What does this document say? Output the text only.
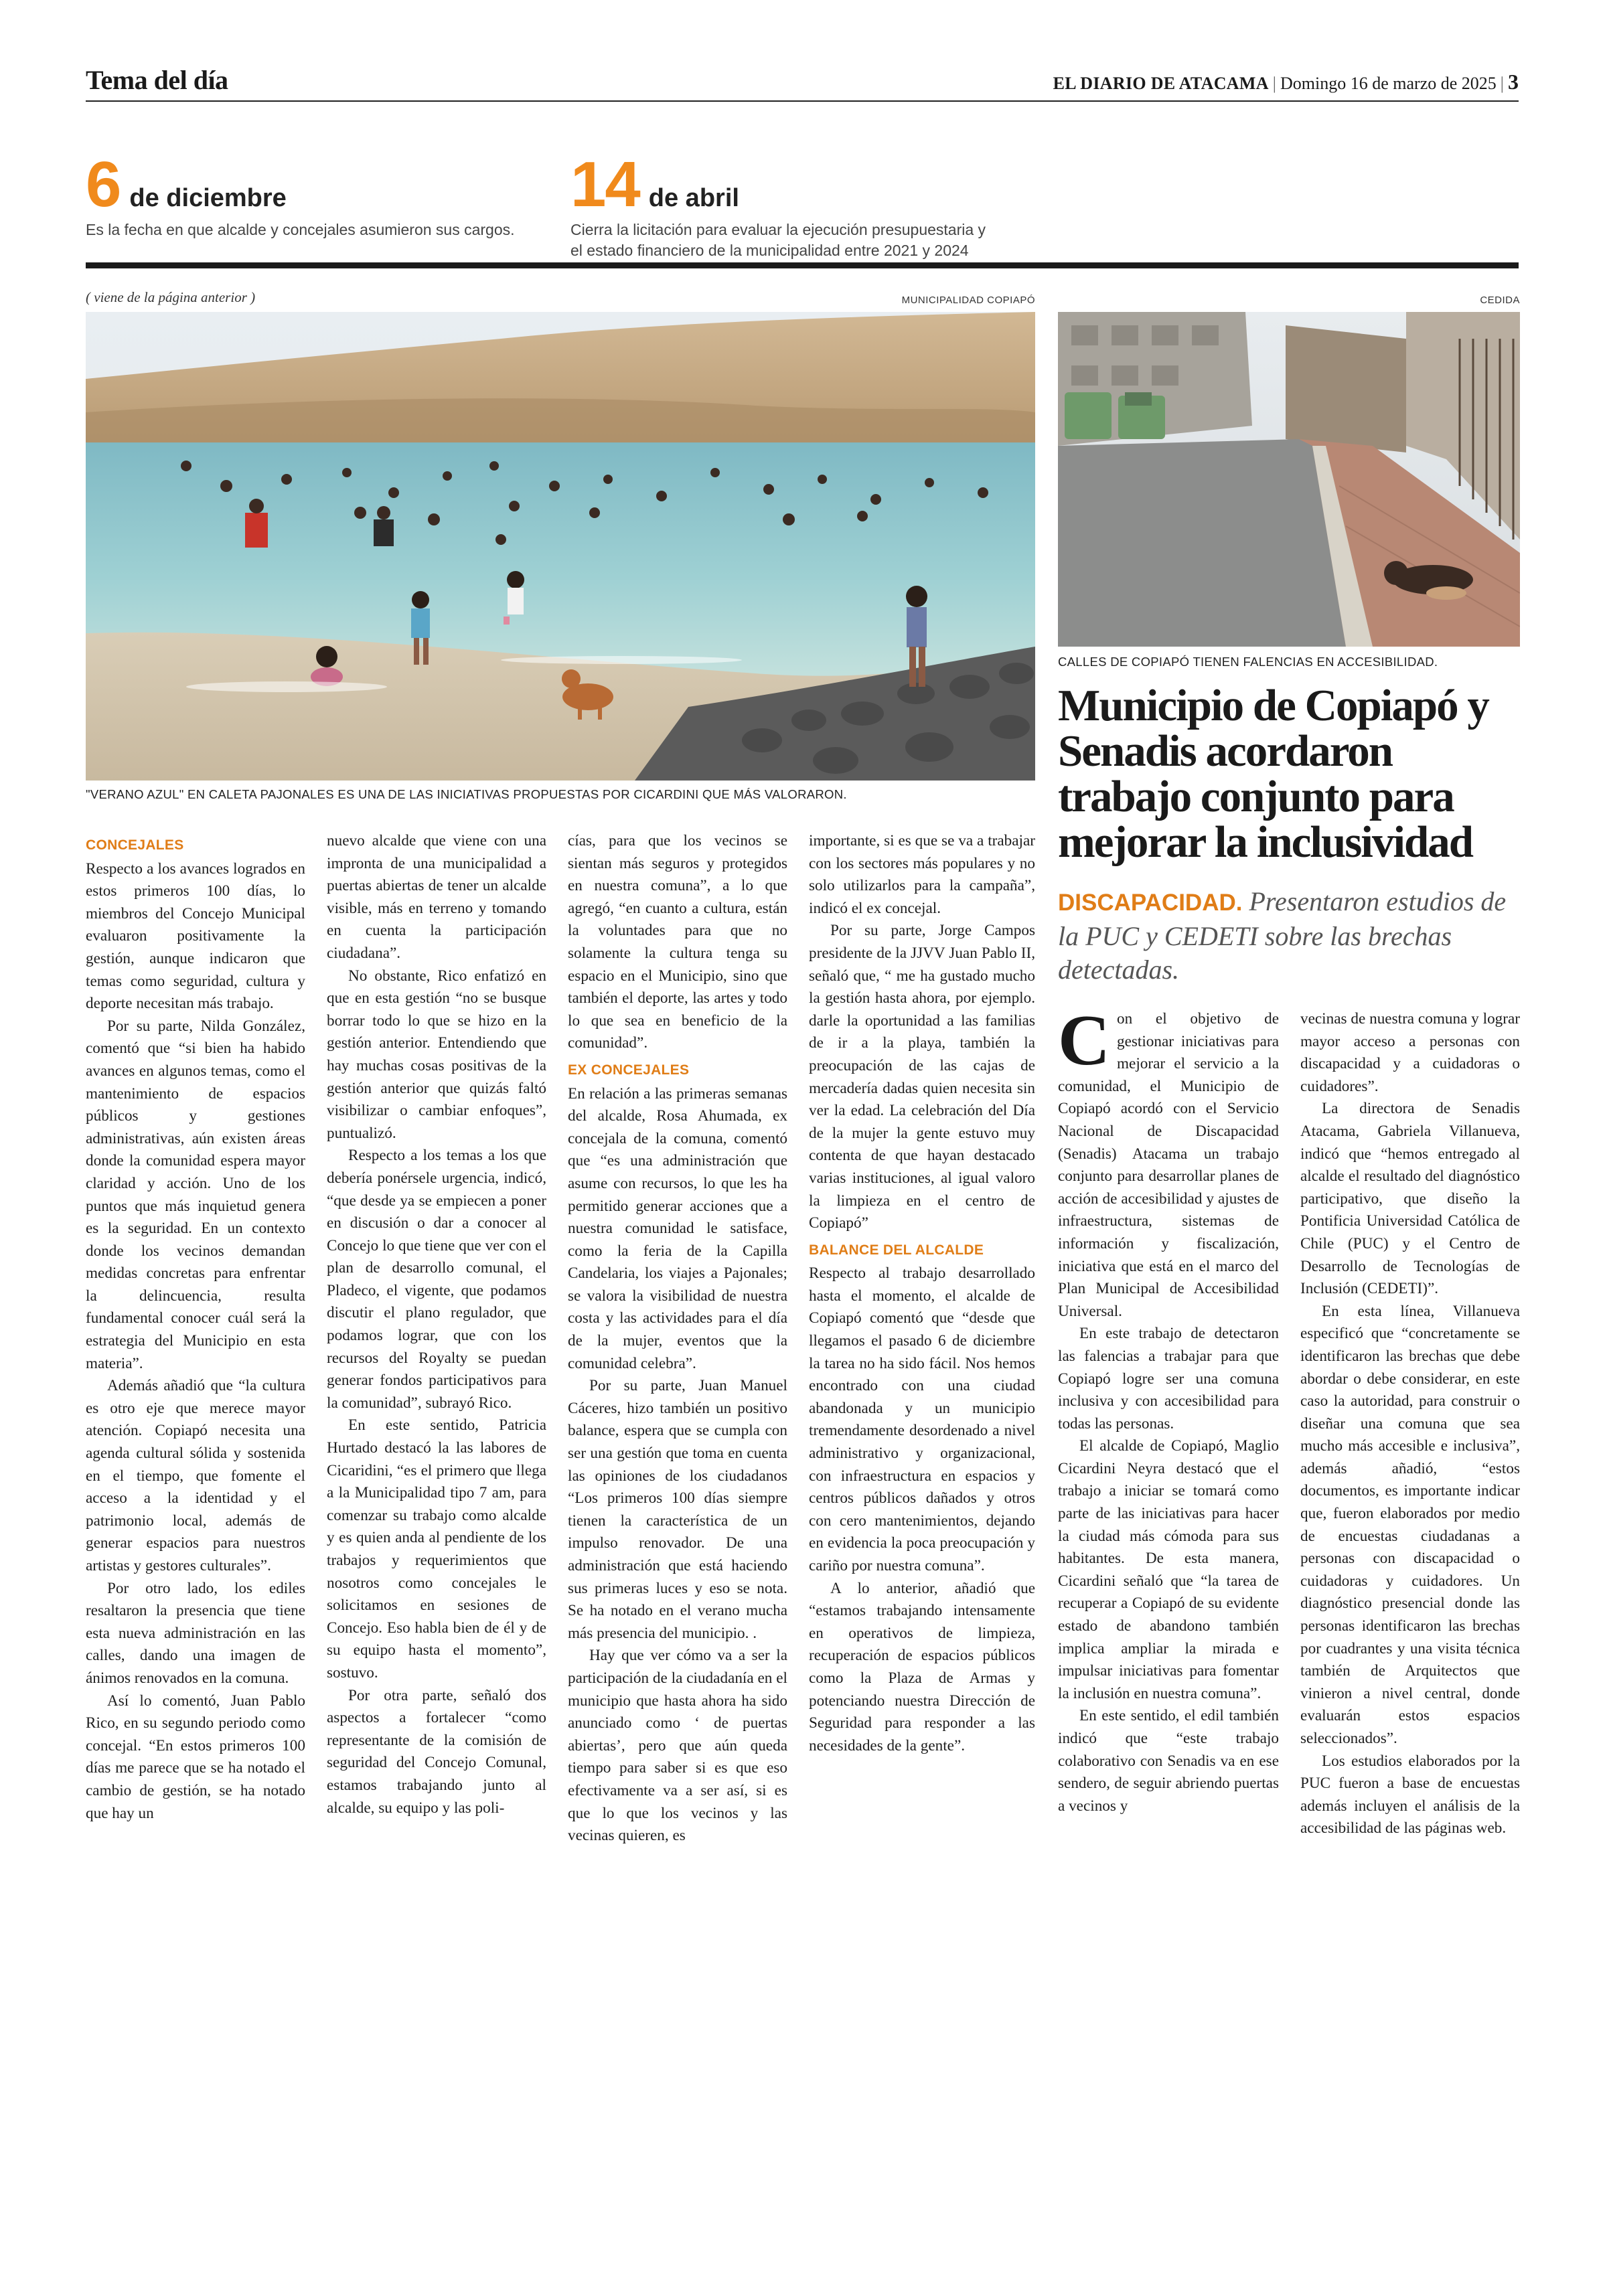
Tema del día	EL DIARIO DE ATACAMA | Domingo 16 de marzo de 2025 | 3
6 de diciembre
Es la fecha en que alcalde y concejales asumieron sus cargos.
14 de abril
Cierra la licitación para evaluar la ejecución presupuestaria y
el estado financiero de la municipalidad entre 2021 y 2024
( viene de la página anterior )	MUNICIPALIDAD COPIAPÓ
"VERANO AZUL" EN CALETA PAJONALES ES UNA DE LAS INICIATIVAS PROPUESTAS POR CICARDINI QUE MÁS VALORARON.
CONCEJALES

Respecto a los avances logrados en estos primeros 100 días, lo miembros del Concejo Municipal evaluaron positivamente la gestión, aunque indicaron que temas como seguridad, cultura y deporte necesitan más trabajo.

Por su parte, Nilda González, comentó que “si bien ha habido avances en algunos temas, como el mantenimiento de espacios públicos y gestiones administrativas, aún existen áreas donde la comunidad espera mayor claridad y acción. Uno de los puntos que más inquietud genera es la seguridad. En un contexto donde los vecinos demandan medidas concretas para enfrentar la delincuencia, resulta fundamental conocer cuál será la estrategia del Municipio en esta materia”.

Además añadió que “la cultura es otro eje que merece mayor atención. Copiapó necesita una agenda cultural sólida y sostenida en el tiempo, que fomente el acceso a la identidad y el patrimonio local, además de generar espacios para nuestros artistas y gestores culturales”.

Por otro lado, los ediles resaltaron la presencia que tiene esta nueva administración en las calles, dando una imagen de ánimos renovados en la comuna.

Así lo comentó, Juan Pablo Rico, en su segundo periodo como concejal. “En estos primeros 100 días me parece que se ha notado el cambio de gestión, se ha notado que hay un

nuevo alcalde que viene con una impronta de una municipalidad a puertas abiertas de tener un alcalde visible, más en terreno y tomando en cuenta la participación ciudadana”.

No obstante, Rico enfatizó en que en esta gestión “no se busque borrar todo lo que se hizo en la gestión anterior. Entendiendo que hay muchas cosas positivas de la gestión anterior que quizás faltó visibilizar o cambiar enfoques”, puntualizó.

Respecto a los temas a los que debería ponérsele urgencia, indicó, “que desde ya se empiecen a poner en discusión o dar a conocer al Concejo lo que tiene que ver con el plan de desarrollo comunal, el Pladeco, el vigente, que podamos discutir el plano regulador, que podamos lograr, que con los recursos del Royalty se puedan generar fondos participativos para la comunidad”, subrayó Rico.

En este sentido, Patricia Hurtado destacó la las labores de Cicaridini, “es el primero que llega a la Municipalidad tipo 7 am, para comenzar su trabajo como alcalde y es quien anda al pendiente de los trabajos y requerimientos que nosotros como concejales le solicitamos en sesiones de Concejo. Eso habla bien de él y de su equipo hasta el momento”, sostuvo.

Por otra parte, señaló dos aspectos a fortalecer “como representante de la comisión de seguridad del Concejo Comunal, estamos trabajando junto al alcalde, su equipo y las poli-

cías, para que los vecinos se sientan más seguros y protegidos en nuestra comuna”, a lo que agregó, “en cuanto a cultura, están la voluntades para que no solamente la cultura tenga su espacio en el Municipio, sino que también el deporte, las artes y todo lo que sea en beneficio de la comunidad”.

EX CONCEJALES

En relación a las primeras semanas del alcalde, Rosa Ahumada, ex concejala de la comuna, comentó que “es una administración que asume con recursos, lo que les ha permitido generar acciones que a nuestra comunidad le satisface, como la feria de la Capilla Candelaria, los viajes a Pajonales; se valora la visibilidad de nuestra costa y las actividades para el día de la mujer, eventos que la comunidad celebra”.

Por su parte, Juan Manuel Cáceres, hizo también un positivo balance, espera que se cumpla con ser una gestión que toma en cuenta las opiniones de los ciudadanos “Los primeros 100 días siempre tienen la característica de un impulso renovador. De una administración que está haciendo sus primeras luces y eso se nota. Se ha notado en el verano mucha más presencia del municipio. .

Hay que ver cómo va a ser la participación de la ciudadanía en el municipio que hasta ahora ha sido anunciado como ‘ de puertas abiertas’, pero que aún queda tiempo para saber si es que eso efectivamente va a ser así, si es que lo que los vecinos y las vecinas quieren, es

importante, si es que se va a trabajar con los sectores más populares y no solo utilizarlos para la campaña”, indicó el ex concejal.

Por su parte, Jorge Campos presidente de la JJVV Juan Pablo II, señaló que, “ me ha gustado mucho la gestión hasta ahora, por ejemplo. darle la oportunidad a las familias de ir a la playa, también la preocupación de las cajas de mercadería dadas quien necesita sin ver la edad. La celebración del Día de la mujer la gente estuvo muy contenta de que hayan destacado varias instituciones, al igual valoro la limpieza en el centro de Copiapó”

BALANCE DEL ALCALDE

Respecto al trabajo desarrollado hasta el momento, el alcalde de Copiapó comentó que “desde que llegamos el pasado 6 de diciembre la tarea no ha sido fácil. Nos hemos encontrado con una ciudad abandonada y un municipio tremendamente desordenado a nivel administrativo y organizacional, con infraestructura en espacios y centros públicos dañados y otros con cero mantenimientos, dejando en evidencia la poca preocupación y cariño por nuestra comuna”.

A lo anterior, añadió que “estamos trabajando intensamente en operativos de limpieza, recuperación de espacios públicos como la Plaza de Armas y potenciando nuestra Dirección de Seguridad para responder a las necesidades de la gente”.

CEDIDA
CALLES DE COPIAPÓ TIENEN FALENCIAS EN ACCESIBILIDAD.
Municipio de Copiapó y Senadis acordaron trabajo conjunto para mejorar la inclusividad
DISCAPACIDAD. Presentaron estudios de la PUC y CEDETI sobre las brechas detectadas.

Con el objetivo de gestionar iniciativas para mejorar el servicio a la comunidad, el Municipio de Copiapó acordó con el Servicio Nacional de Discapacidad (Senadis) Atacama un trabajo conjunto para desarrollar planes de acción de accesibilidad y ajustes de infraestructura, sistemas de información y fiscalización, iniciativa que está en el marco del Plan Municipal de Accesibilidad Universal.

En este trabajo de detectaron las falencias a trabajar para que Copiapó logre ser una comuna inclusiva y con accesibilidad para todas las personas.

El alcalde de Copiapó, Maglio Cicardini Neyra destacó que el trabajo a iniciar se tomará como parte de las iniciativas para hacer la ciudad más cómoda para sus habitantes. De esta manera, Cicardini señaló que “la tarea de recuperar a Copiapó de su evidente estado de abandono también implica ampliar la mirada e impulsar iniciativas para fomentar la inclusión en nuestra comuna”.

En este sentido, el edil también indicó que “este trabajo colaborativo con Senadis va en ese sendero, de seguir abriendo puertas a vecinos y

vecinas de nuestra comuna y lograr mayor acceso a personas con discapacidad y a cuidadoras o cuidadores”.

La directora de Senadis Atacama, Gabriela Villanueva, indicó que “hemos entregado al alcalde el resultado del diagnóstico participativo, que diseño la Pontificia Universidad Católica de Chile (PUC) y el Centro de Desarrollo de Tecnologías de Inclusión (CEDETI)”.

En esta línea, Villanueva especificó que “concretamente se identificaron las brechas que debe abordar o debe considerar, en este caso la autoridad, para construir o diseñar una comuna que sea mucho más accesible e inclusiva”, además añadió, “estos documentos, es importante indicar que, fueron elaborados por medio de encuestas ciudadanas a personas con discapacidad o cuidadoras y cuidadores. Un diagnóstico presencial donde las personas identificaron las brechas por cuadrantes y una visita técnica también de Arquitectos que vinieron a nivel central, donde evaluarán estos espacios seleccionados”.

Los estudios elaborados por la PUC fueron a base de encuestas además incluyen el análisis de la accesibilidad de las páginas web.
